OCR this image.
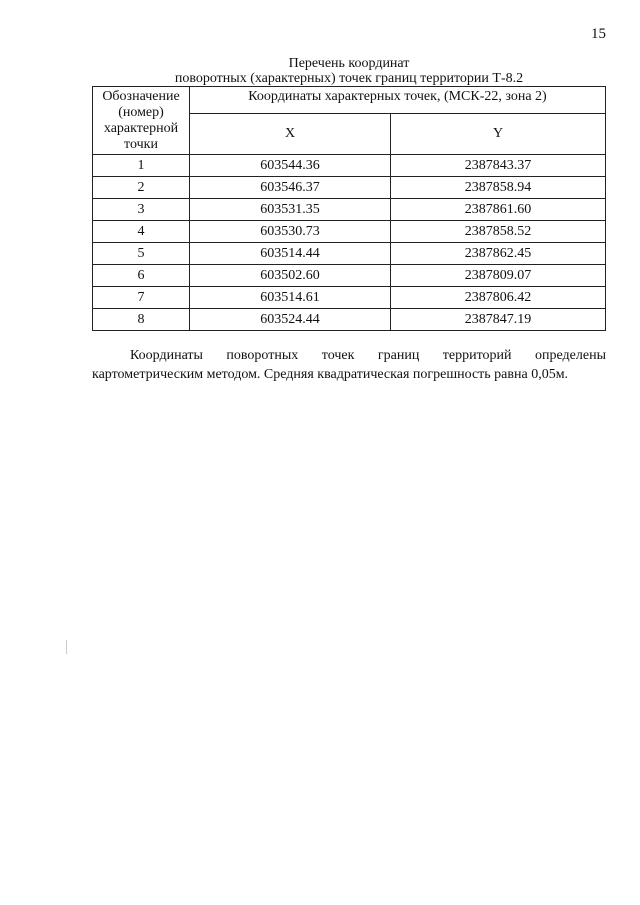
15
Перечень координат
поворотных (характерных) точек границ территории Т-8.2
Обозначение (номер) характерной точки	Координаты характерных точек, (МСК-22, зона 2)	
	X	Y
1	603544.36	2387843.37
2	603546.37	2387858.94
3	603531.35	2387861.60
4	603530.73	2387858.52
5	603514.44	2387862.45
6	603502.60	2387809.07
7	603514.61	2387806.42
8	603524.44	2387847.19
Координаты поворотных точек границ территорий определены картометрическим методом. Средняя квадратическая погрешность равна 0,05м.
